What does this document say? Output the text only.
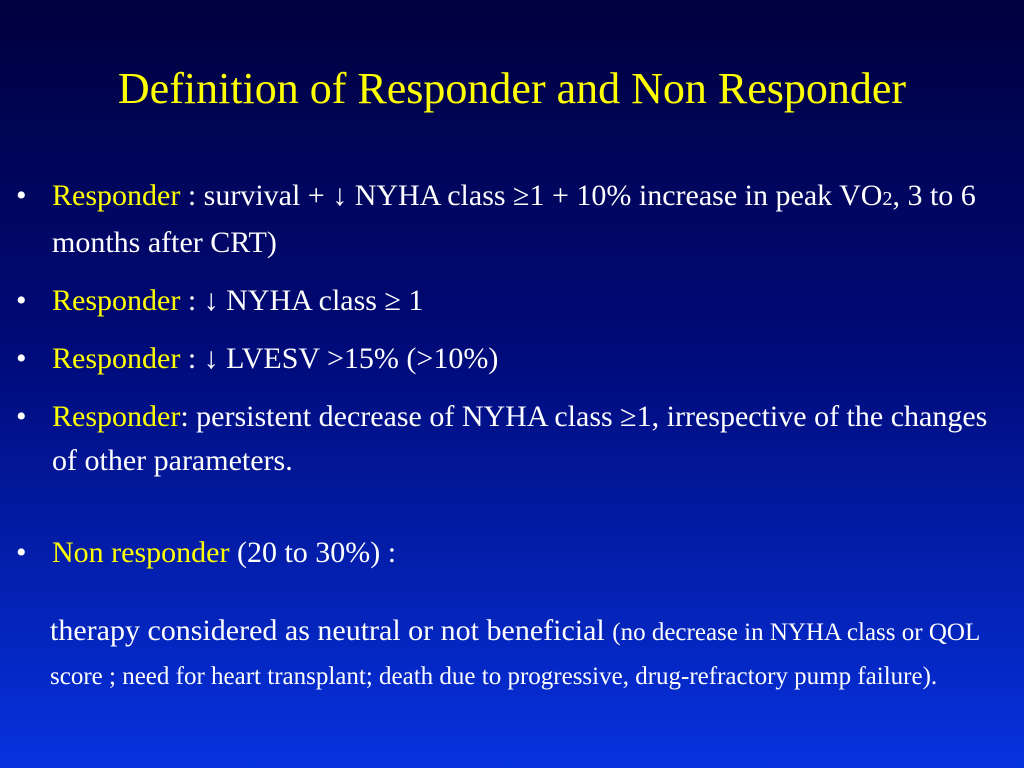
Definition of Responder and Non Responder
• Responder : survival + ↓ NYHA class ≥1 + 10% increase in peak VO2, 3 to 6 months after CRT)
• Responder : ↓ NYHA class ≥ 1
• Responder : ↓ LVESV >15% (>10%)
• Responder: persistent decrease of NYHA class ≥1, irrespective of the changes of other parameters.
• Non responder (20 to 30%) :
therapy considered as neutral or not beneficial (no decrease in NYHA class or QOL score ; need for heart transplant; death due to progressive, drug-refractory pump failure).
